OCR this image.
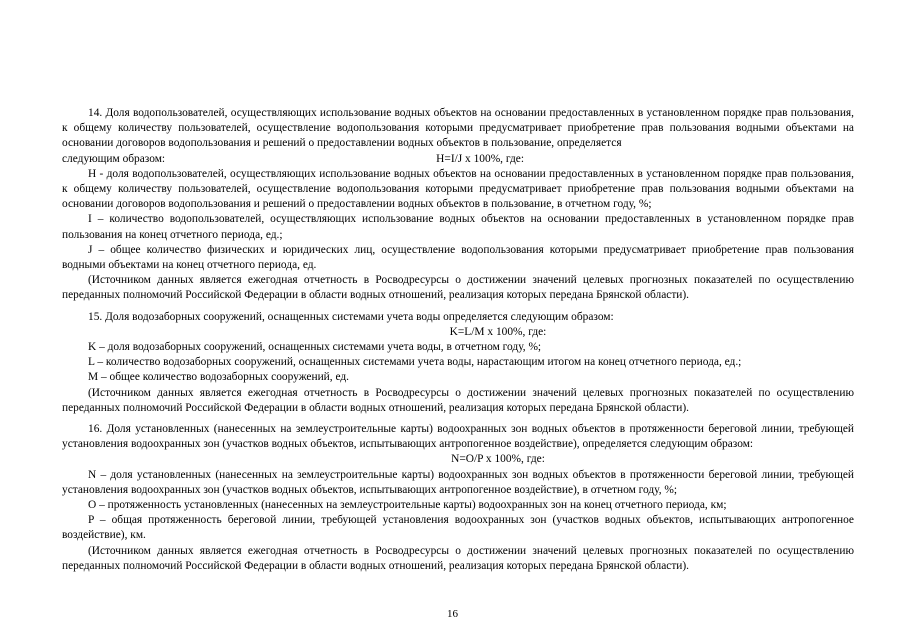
14. Доля водопользователей, осуществляющих использование водных объектов на основании предоставленных в установленном порядке прав пользования, к общему количеству пользователей, осуществление водопользования которыми предусматривает приобретение прав пользования водными объектами на основании договоров водопользования и решений о предоставлении водных объектов в пользование, определяется

следующим образом:	H=I/J x 100%, где:

H - доля водопользователей, осуществляющих использование водных объектов на основании предоставленных в установленном порядке прав пользования, к общему количеству пользователей, осуществление водопользования которыми предусматривает приобретение прав пользования водными объектами на основании договоров водопользования и решений о предоставлении водных объектов в пользование, в отчетном году, %;

I – количество водопользователей, осуществляющих использование водных объектов на основании предоставленных в установленном порядке прав пользования на конец отчетного периода, ед.;

J – общее количество физических и юридических лиц, осуществление водопользования которыми предусматривает приобретение прав пользования водными объектами на конец отчетного периода, ед.

(Источником данных является ежегодная отчетность в Росводресурсы о достижении значений целевых прогнозных показателей по осуществлению переданных полномочий Российской Федерации в области водных отношений, реализация которых передана Брянской области).

15. Доля водозаборных сооружений, оснащенных системами учета воды определяется следующим образом:

K=L/M x 100%, где:

K – доля водозаборных сооружений, оснащенных системами учета воды, в отчетном году, %;

L – количество водозаборных сооружений, оснащенных системами учета воды, нарастающим итогом на конец отчетного периода, ед.;

M – общее количество водозаборных сооружений, ед.

(Источником данных является ежегодная отчетность в Росводресурсы о достижении значений целевых прогнозных показателей по осуществлению переданных полномочий Российской Федерации в области водных отношений, реализация которых передана Брянской области).

16. Доля установленных (нанесенных на землеустроительные карты) водоохранных зон водных объектов в протяженности береговой линии, требующей установления водоохранных зон (участков водных объектов, испытывающих антропогенное воздействие), определяется следующим образом:

N=O/P x 100%, где:

N – доля установленных (нанесенных на землеустроительные карты) водоохранных зон водных объектов в протяженности береговой линии, требующей установления водоохранных зон (участков водных объектов, испытывающих антропогенное воздействие), в отчетном году, %;

O – протяженность установленных (нанесенных на землеустроительные карты) водоохранных зон на конец отчетного периода, км;

P – общая протяженность береговой линии, требующей установления водоохранных зон (участков водных объектов, испытывающих антропогенное воздействие), км.

(Источником данных является ежегодная отчетность в Росводресурсы о достижении значений целевых прогнозных показателей по осуществлению переданных полномочий Российской Федерации в области водных отношений, реализация которых передана Брянской области).

16
